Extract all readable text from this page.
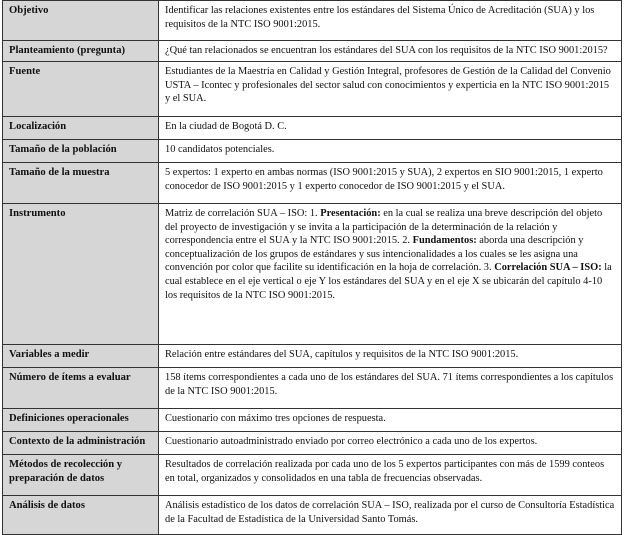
Objetivo	Identificar las relaciones existentes entre los estándares del Sistema Único de Acreditación (SUA) y los requisitos de la NTC ISO 9001:2015.
Planteamiento (pregunta)	¿Qué tan relacionados se encuentran los estándares del SUA con los requisitos de la NTC ISO 9001:2015?
Fuente	Estudiantes de la Maestría en Calidad y Gestión Integral, profesores de Gestión de la Calidad del Convenio USTA – Icontec y profesionales del sector salud con conocimientos y experticia en la NTC ISO 9001:2015 y el SUA.
Localización	En la ciudad de Bogotá D. C.
Tamaño de la población	10 candidatos potenciales.
Tamaño de la muestra	5 expertos: 1 experto en ambas normas (ISO 9001:2015 y SUA), 2 expertos en SIO 9001:2015, 1 experto conocedor de ISO 9001:2015 y 1 experto conocedor de ISO 9001:2015 y el SUA.
Instrumento	Matriz de correlación SUA – ISO: 1. Presentación: en la cual se realiza una breve descripción del objeto del proyecto de investigación y se invita a la participación de la determinación de la relación y correspondencia entre el SUA y la NTC ISO 9001:2015. 2. Fundamentos: aborda una descripción y conceptualización de los grupos de estándares y sus intencionalidades a los cuales se les asigna una convención por color que facilite su identificación en la hoja de correlación. 3. Correlación SUA – ISO: la cual establece en el eje vertical o eje Y los estándares del SUA y en el eje X se ubicarán del capítulo 4-10 los requisitos de la NTC ISO 9001:2015.
Variables a medir	Relación entre estándares del SUA, capítulos y requisitos de la NTC ISO 9001:2015.
Número de ítems a evaluar	158 ítems correspondientes a cada uno de los estándares del SUA. 71 ítems correspondientes a los capítulos de la NTC ISO 9001:2015.
Definiciones operacionales	Cuestionario con máximo tres opciones de respuesta.
Contexto de la administración	Cuestionario autoadministrado enviado por correo electrónico a cada uno de los expertos.
Métodos de recolección y preparación de datos	Resultados de correlación realizada por cada uno de los 5 expertos participantes con más de 1599 conteos en total, organizados y consolidados en una tabla de frecuencias observadas.
Análisis de datos	Análisis estadístico de los datos de correlación SUA – ISO, realizada por el curso de Consultoría Estadística de la Facultad de Estadística de la Universidad Santo Tomás.
